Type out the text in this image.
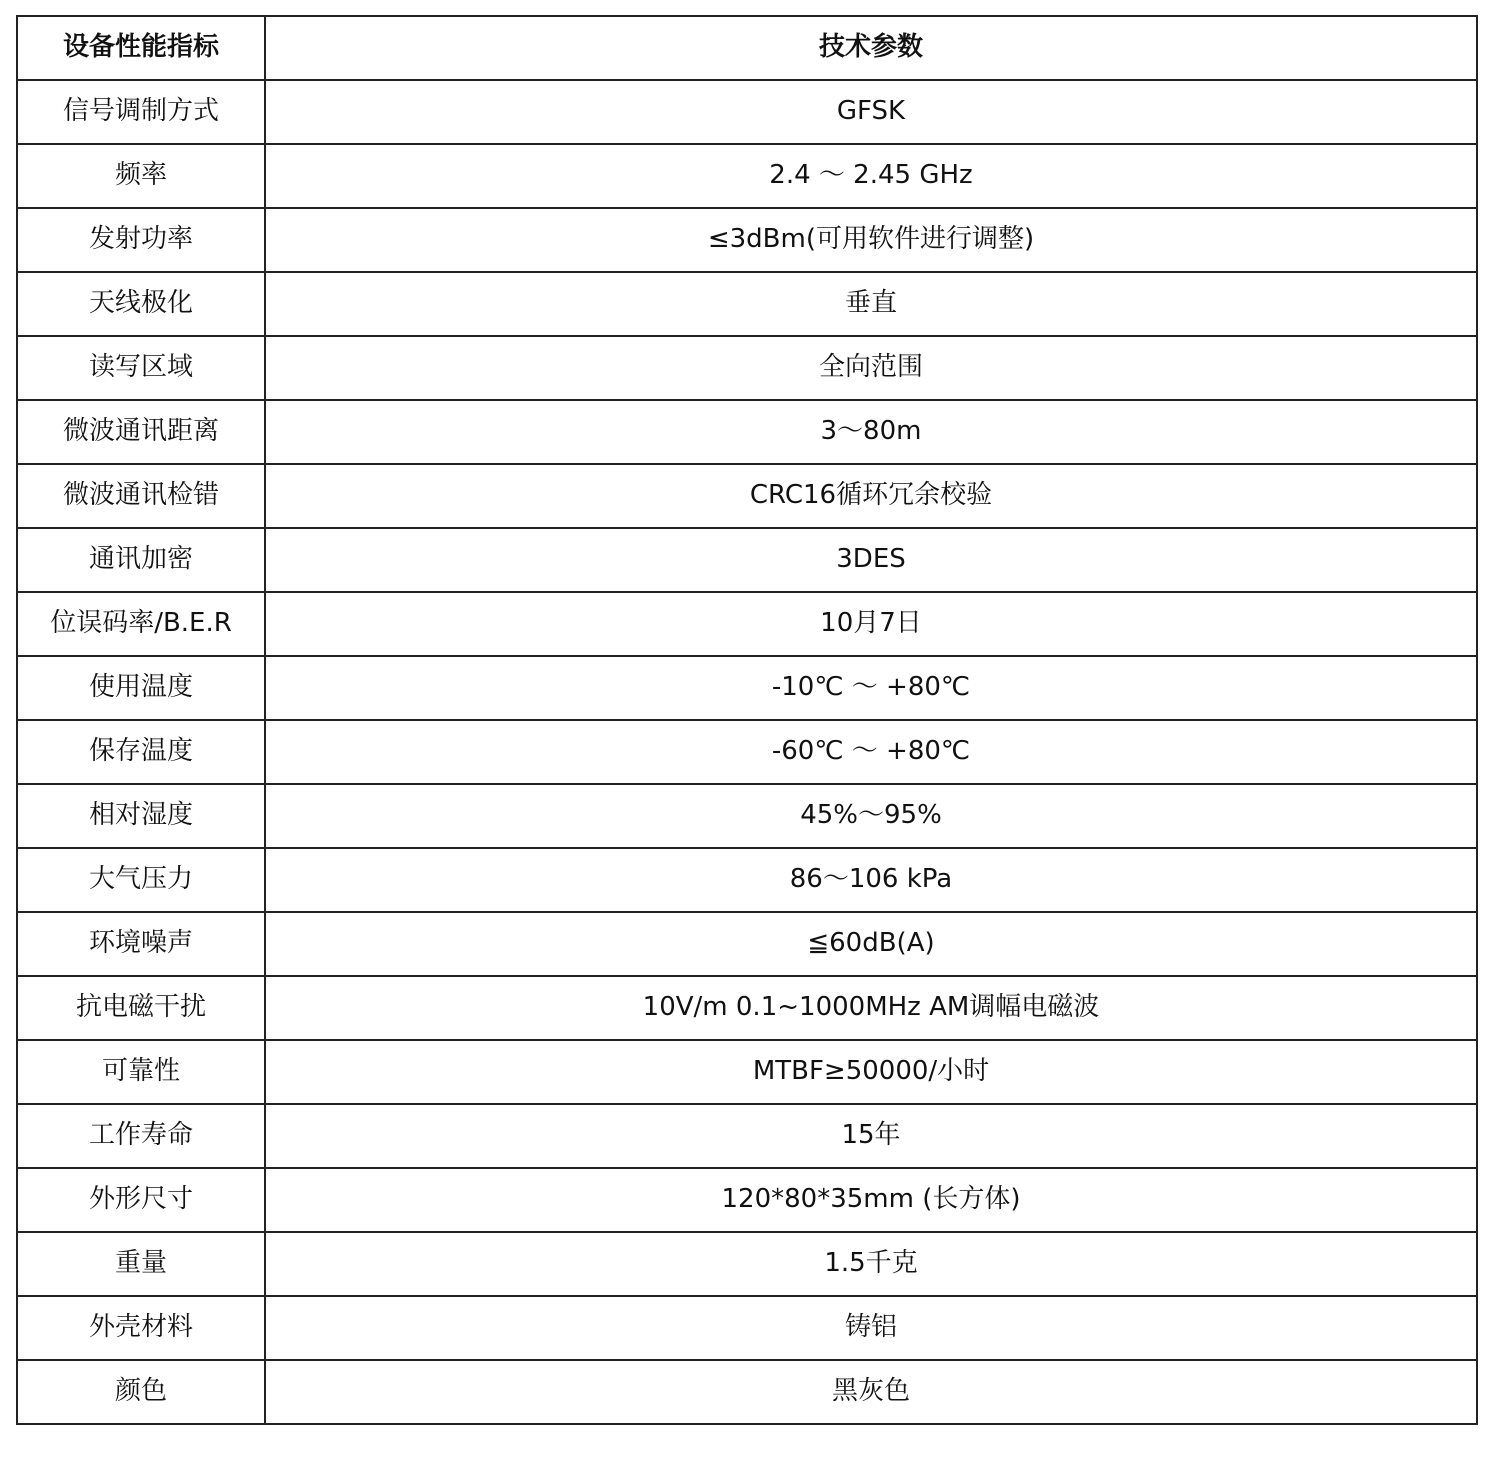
设备性能指标	技术参数
信号调制方式	GFSK
频率	2.4 ～ 2.45 GHz
发射功率	≤3dBm(可用软件进行调整)
天线极化	垂直
读写区域	全向范围
微波通讯距离	3～80m
微波通讯检错	CRC16循环冗余校验
通讯加密	3DES
位误码率/B.E.R	10月7日
使用温度	-10℃ ～ +80℃
保存温度	-60℃ ～ +80℃
相对湿度	45%～95%
大气压力	86～106 kPa
环境噪声	≦60dB(A)
抗电磁干扰	10V/m 0.1~1000MHz AM调幅电磁波
可靠性	MTBF≥50000/小时
工作寿命	15年
外形尺寸	120*80*35mm (长方体)
重量	1.5千克
外壳材料	铸铝
颜色	黑灰色
